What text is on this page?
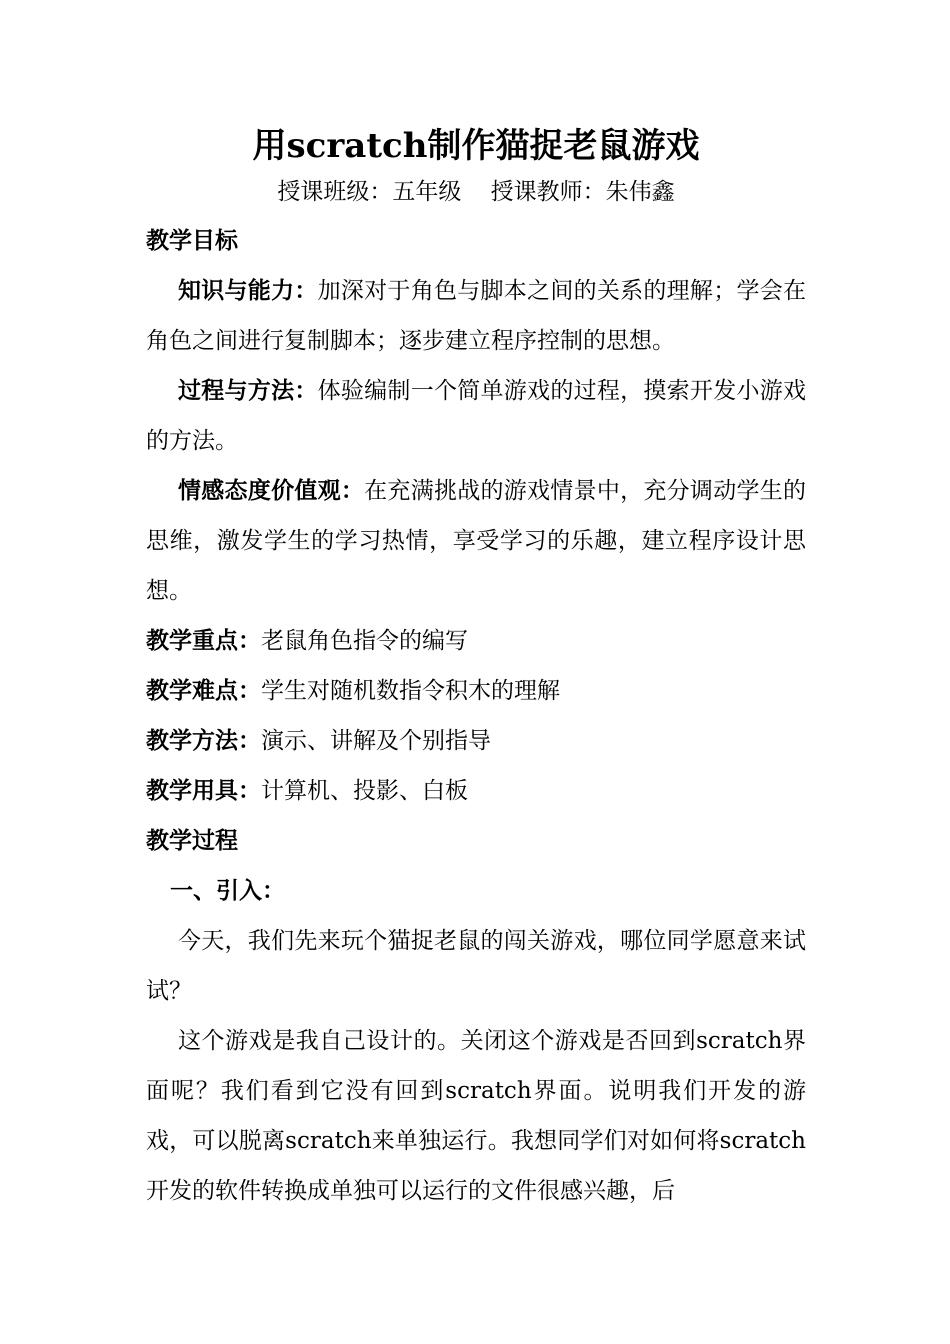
用scratch制作猫捉老鼠游戏

授课班级：五年级    授课教师：朱伟鑫

教学目标

知识与能力：加深对于角色与脚本之间的关系的理解；学会在角色之间进行复制脚本；逐步建立程序控制的思想。

过程与方法：体验编制一个简单游戏的过程，摸索开发小游戏的方法。

情感态度价值观：在充满挑战的游戏情景中，充分调动学生的思维，激发学生的学习热情，享受学习的乐趣，建立程序设计思想。

教学重点：老鼠角色指令的编写

教学难点：学生对随机数指令积木的理解

教学方法：演示、讲解及个别指导

教学用具：计算机、投影、白板

教学过程

一、引入：

今天，我们先来玩个猫捉老鼠的闯关游戏，哪位同学愿意来试试？

这个游戏是我自己设计的。关闭这个游戏是否回到scratch界面呢？我们看到它没有回到scratch界面。说明我们开发的游戏，可以脱离scratch来单独运行。我想同学们对如何将scratch开发的软件转换成单独可以运行的文件很感兴趣，后
